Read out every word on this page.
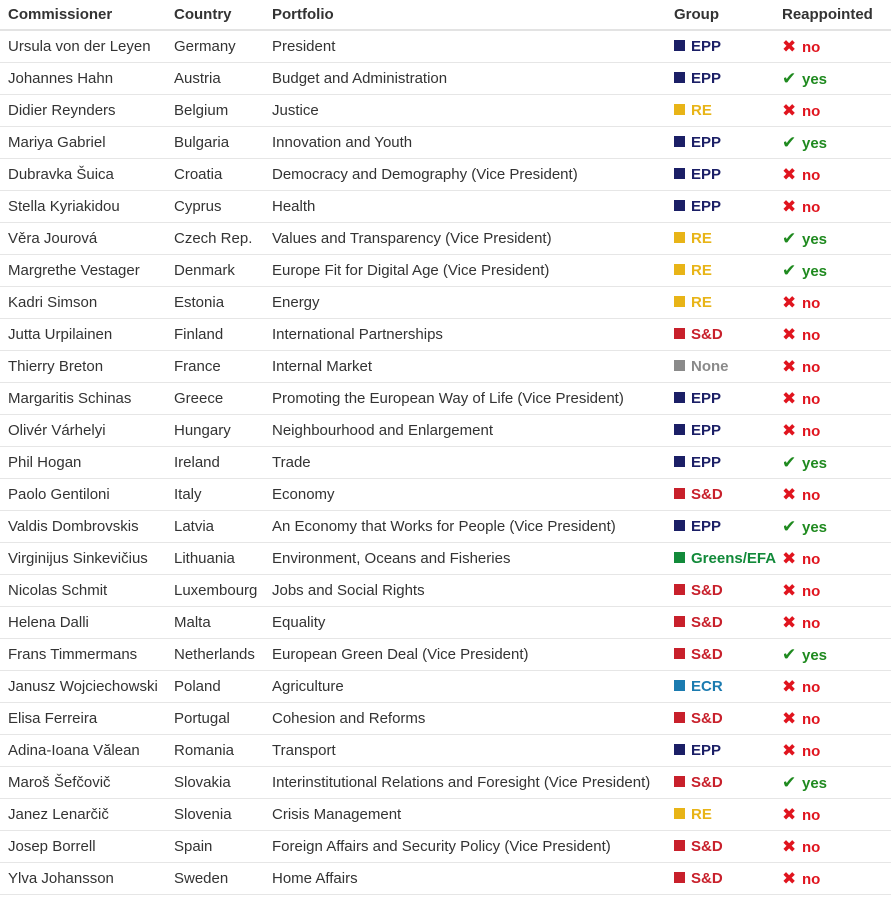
Commissioner	Country	Portfolio	Group	Reappointed
Ursula von der Leyen	Germany	President	EPP	✖ no
Johannes Hahn	Austria	Budget and Administration	EPP	✔ yes
Didier Reynders	Belgium	Justice	RE	✖ no
Mariya Gabriel	Bulgaria	Innovation and Youth	EPP	✔ yes
Dubravka Šuica	Croatia	Democracy and Demography (Vice President)	EPP	✖ no
Stella Kyriakidou	Cyprus	Health	EPP	✖ no
Věra Jourová	Czech Rep.	Values and Transparency (Vice President)	RE	✔ yes
Margrethe Vestager	Denmark	Europe Fit for Digital Age (Vice President)	RE	✔ yes
Kadri Simson	Estonia	Energy	RE	✖ no
Jutta Urpilainen	Finland	International Partnerships	S&D	✖ no
Thierry Breton	France	Internal Market	None	✖ no
Margaritis Schinas	Greece	Promoting the European Way of Life (Vice President)	EPP	✖ no
Olivér Várhelyi	Hungary	Neighbourhood and Enlargement	EPP	✖ no
Phil Hogan	Ireland	Trade	EPP	✔ yes
Paolo Gentiloni	Italy	Economy	S&D	✖ no
Valdis Dombrovskis	Latvia	An Economy that Works for People (Vice President)	EPP	✔ yes
Virginijus Sinkevičius	Lithuania	Environment, Oceans and Fisheries	Greens/EFA	✖ no
Nicolas Schmit	Luxembourg	Jobs and Social Rights	S&D	✖ no
Helena Dalli	Malta	Equality	S&D	✖ no
Frans Timmermans	Netherlands	European Green Deal (Vice President)	S&D	✔ yes
Janusz Wojciechowski	Poland	Agriculture	ECR	✖ no
Elisa Ferreira	Portugal	Cohesion and Reforms	S&D	✖ no
Adina-Ioana Vălean	Romania	Transport	EPP	✖ no
Maroš Šefčovič	Slovakia	Interinstitutional Relations and Foresight (Vice President)	S&D	✔ yes
Janez Lenarčič	Slovenia	Crisis Management	RE	✖ no
Josep Borrell	Spain	Foreign Affairs and Security Policy (Vice President)	S&D	✖ no
Ylva Johansson	Sweden	Home Affairs	S&D	✖ no
